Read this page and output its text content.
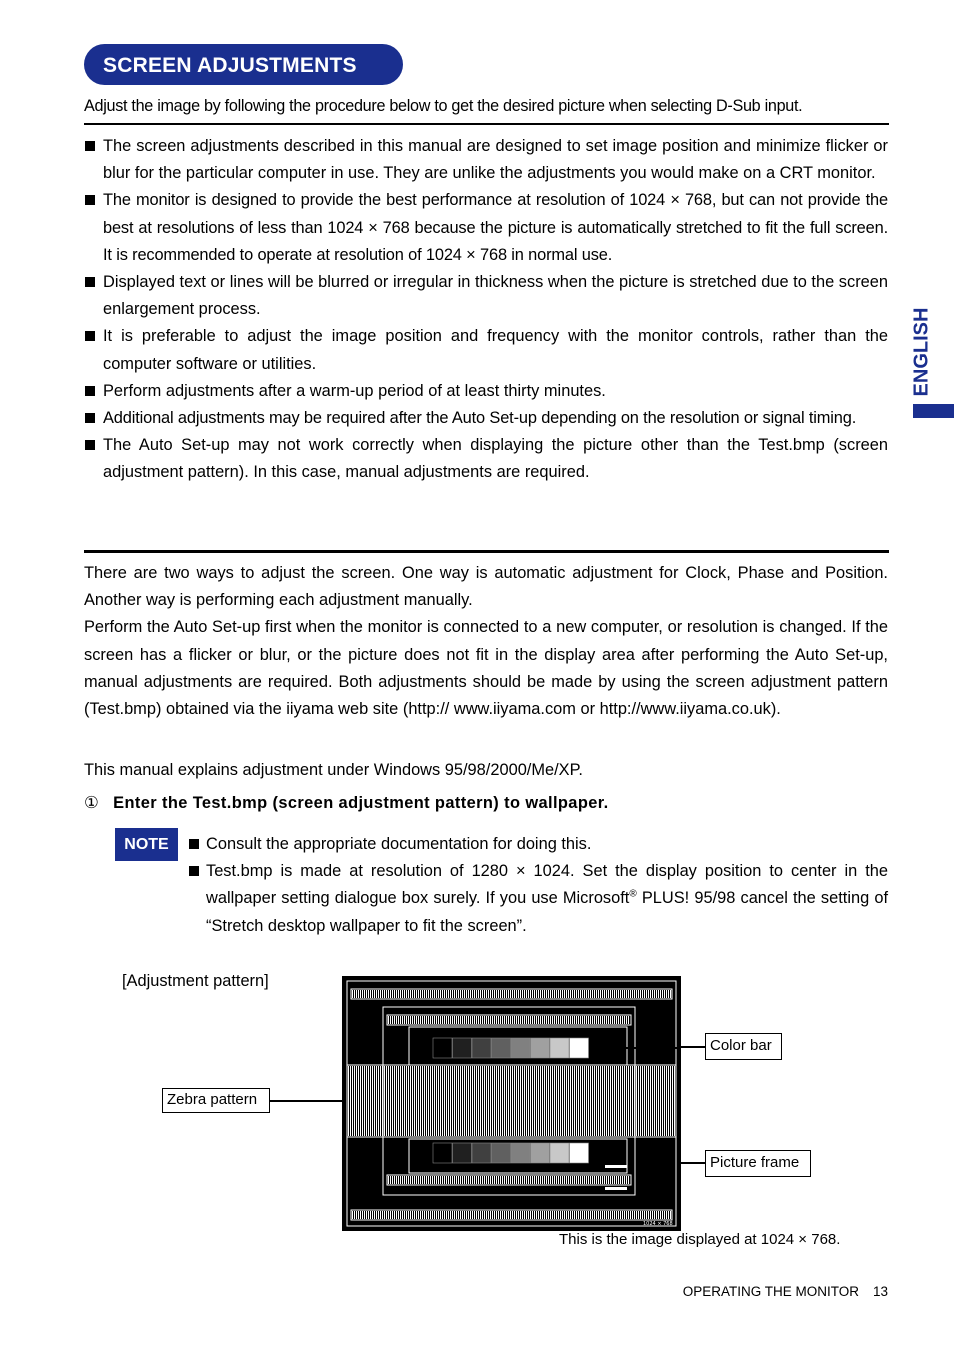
SCREEN ADJUSTMENTS
Adjust the image by following the procedure below to get the desired picture when selecting D-Sub input.
The screen adjustments described in this manual are designed to set image position and minimize flicker or blur for the particular computer in use. They are unlike the adjustments you would make on a CRT monitor.
The monitor is designed to provide the best performance at resolution of 1024 × 768, but can not provide the best at resolutions of less than 1024 × 768 because the picture is automatically stretched to fit the full screen. It is recommended to operate at resolution of 1024 × 768 in normal use.
Displayed text or lines will be blurred or irregular in thickness when the picture is stretched due to the screen enlargement process.
It is preferable to adjust the image position and frequency with the monitor controls, rather than the computer software or utilities.
Perform adjustments after a warm-up period of at least thirty minutes.
Additional adjustments may be required after the Auto Set-up depending on the resolution or signal timing.
The Auto Set-up may not work correctly when displaying the picture other than the Test.bmp (screen adjustment pattern). In this case, manual adjustments are required.

There are two ways to adjust the screen. One way is automatic adjustment for Clock, Phase and Position. Another way is performing each adjustment manually.

Perform the Auto Set-up first when the monitor is connected to a new computer, or resolution is changed. If the screen has a flicker or blur, or the picture does not fit in the display area after performing the Auto Set-up, manual adjustments are required. Both adjustments should be made by using the screen adjustment pattern (Test.bmp) obtained via the iiyama web site (http:// www.iiyama.com or http://www.iiyama.co.uk).

This manual explains adjustment under Windows 95/98/2000/Me/XP.
① Enter the Test.bmp (screen adjustment pattern) to wallpaper.
NOTE	Consult the appropriate documentation for doing this.
Test.bmp is made at resolution of 1280 × 1024. Set the display position to center in the wallpaper setting dialogue box surely. If you use Microsoft® PLUS! 95/98 cancel the setting of “Stretch desktop wallpaper to fit the screen”.
[Adjustment pattern]
1024 × 768
Color bar
Zebra pattern
Picture frame
This is the image displayed at 1024 × 768.
OPERATING THE MONITOR 13
ENGLISH
